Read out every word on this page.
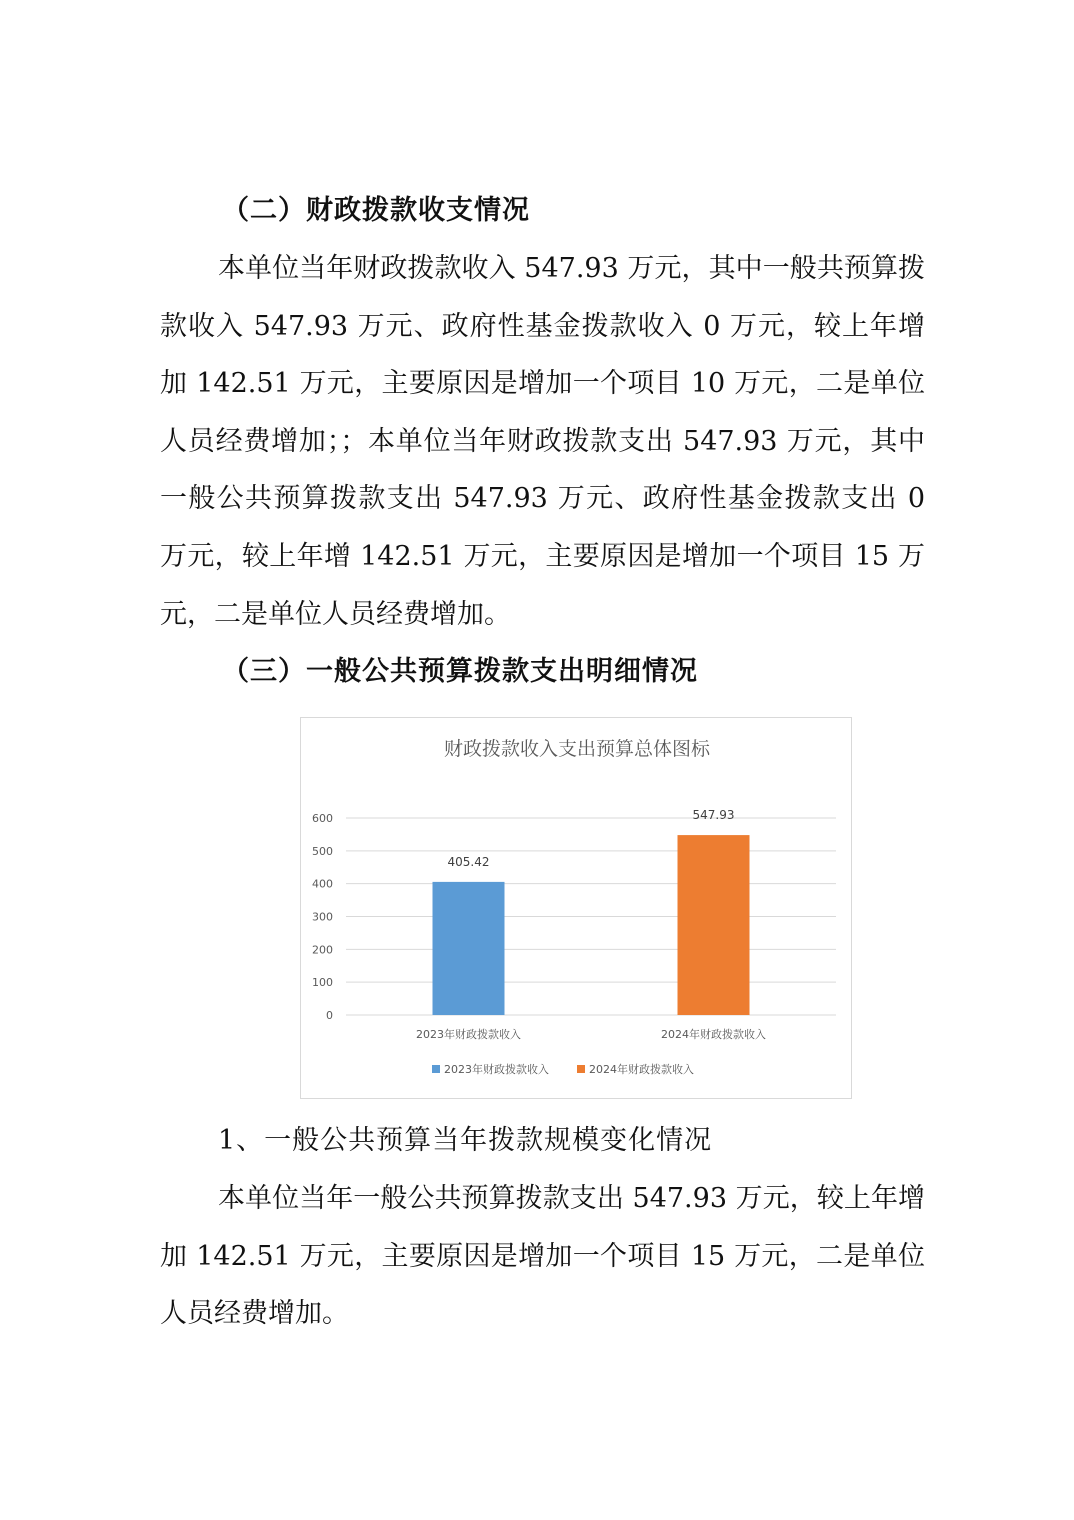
（二）财政拨款收支情况
本单位当年财政拨款收入 547.93 万元，其中一般共预算拨款收入 547.93 万元、政府性基金拨款收入 0 万元，较上年增加 142.51 万元，主要原因是增加一个项目 10 万元，二是单位人员经费增加；；本单位当年财政拨款支出 547.93 万元，其中一般公共预算拨款支出 547.93 万元、政府性基金拨款支出 0 万元，较上年增 142.51 万元，主要原因是增加一个项目 15 万元，二是单位人员经费增加。
（三）一般公共预算拨款支出明细情况
财政拨款收入支出预算总体图标
0
100
200
300
400
500
600
405.42
547.93
2023年财政拨款收入	2024年财政拨款收入
2023年财政拨款收入	2024年财政拨款收入
1、一般公共预算当年拨款规模变化情况
本单位当年一般公共预算拨款支出 547.93 万元，较上年增加 142.51 万元，主要原因是增加一个项目 15 万元，二是单位人员经费增加。
